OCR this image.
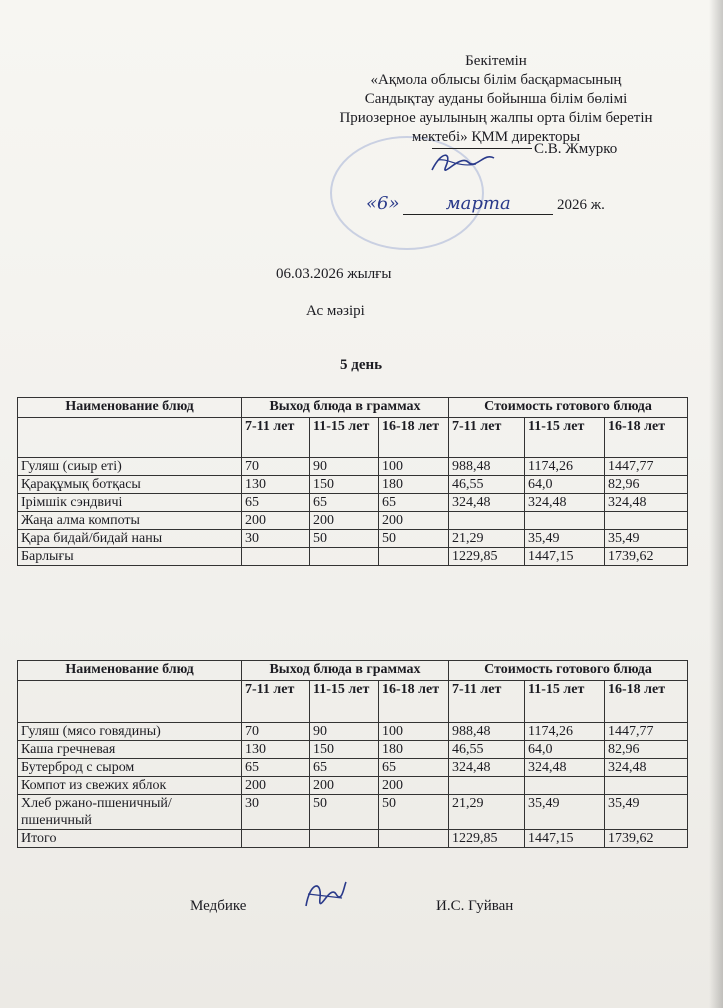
Бекітемін
«Ақмола облысы білім басқармасының
Сандықтау ауданы бойынша білім бөлімі
Приозерное ауылының жалпы орта білім беретін
мектебі» ҚММ директоры
С.В. Жмурко
«6»	марта	2026 ж.
06.03.2026 жылғы
Ас мәзірі
5 день
Наименование блюд	Выход блюда в граммах			Стоимость готового блюда		
	7-11 лет	11-15 лет	16-18 лет	7-11 лет	11-15 лет	16-18 лет
Гуляш (сиыр еті)	70	90	100	988,48	1174,26	1447,77
Қарақұмық ботқасы	130	150	180	46,55	64,0	82,96
Ірімшік сэндвичі	65	65	65	324,48	324,48	324,48
Жаңа алма компоты	200	200	200			
Қара бидай/бидай наны	30	50	50	21,29	35,49	35,49
Барлығы				1229,85	1447,15	1739,62
Наименование блюд	Выход блюда в граммах			Стоимость готового блюда		
	7-11 лет	11-15 лет	16-18 лет	7-11 лет	11-15 лет	16-18 лет
Гуляш (мясо говядины)	70	90	100	988,48	1174,26	1447,77
Каша гречневая	130	150	180	46,55	64,0	82,96
Бутерброд с сыром	65	65	65	324,48	324,48	324,48
Компот из свежих яблок	200	200	200			
Хлеб ржано-пшеничный/пшеничный	30	50	50	21,29	35,49	35,49
Итого				1229,85	1447,15	1739,62
Медбике	И.С. Гуйван
